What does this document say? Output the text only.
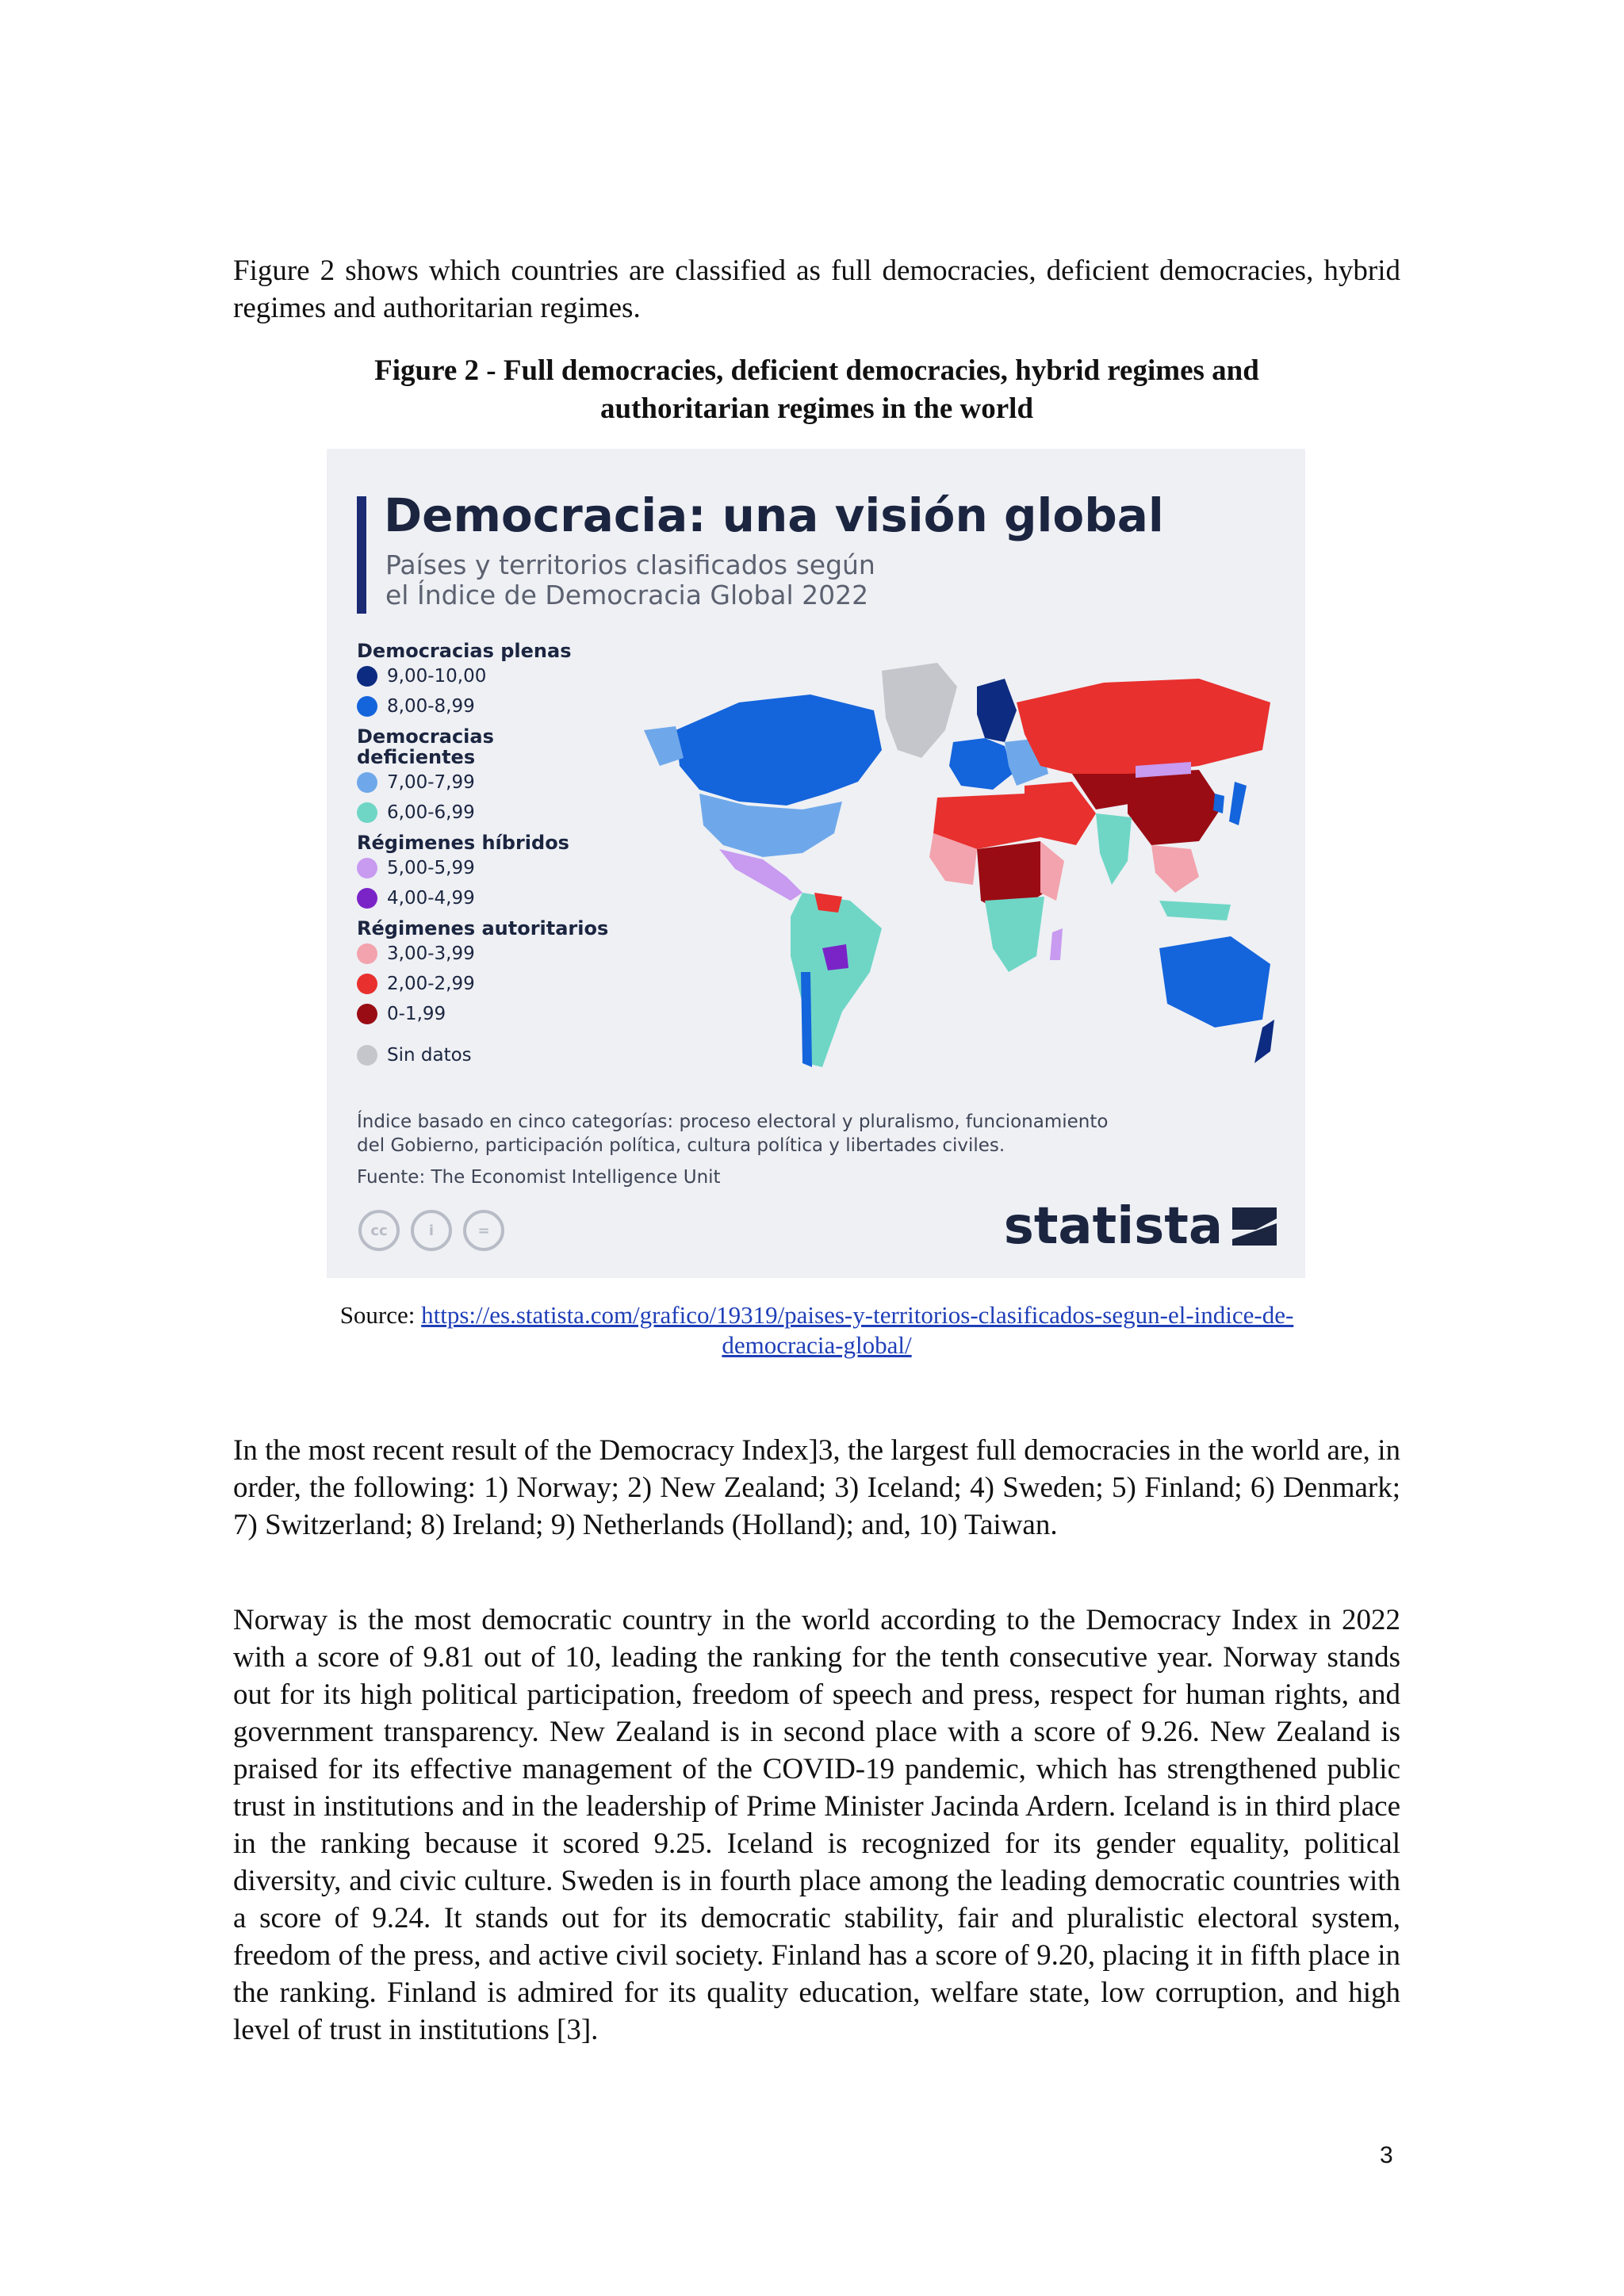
Figure 2 shows which countries are classified as full democracies, deficient democracies, hybrid regimes and authoritarian regimes.

Figure 2 - Full democracies, deficient democracies, hybrid regimes and
authoritarian regimes in the world

Democracia: una visión global
Países y territorios clasificados según
el Índice de Democracia Global 2022
Democracias plenas
9,00-10,00
8,00-8,99
Democracias
deficientes
7,00-7,99
6,00-6,99
Régimenes híbridos
5,00-5,99
4,00-4,99
Régimenes autoritarios
3,00-3,99
2,00-2,99
0-1,99
Sin datos
Índice basado en cinco categorías: proceso electoral y pluralismo, funcionamiento
del Gobierno, participación política, cultura política y libertades civiles.
Fuente: The Economist Intelligence Unit
cc	i	=	statista

Source: https://es.statista.com/grafico/19319/paises-y-territorios-clasificados-segun-el-indice-de-
democracia-global/

In the most recent result of the Democracy Index]3, the largest full democracies in the world are, in order, the following: 1) Norway; 2) New Zealand; 3) Iceland; 4) Sweden; 5) Finland; 6) Denmark; 7) Switzerland; 8) Ireland; 9) Netherlands (Holland); and, 10) Taiwan.

Norway is the most democratic country in the world according to the Democracy Index in 2022 with a score of 9.81 out of 10, leading the ranking for the tenth consecutive year. Norway stands out for its high political participation, freedom of speech and press, respect for human rights, and government transparency. New Zealand is in second place with a score of 9.26. New Zealand is praised for its effective management of the COVID-19 pandemic, which has strengthened public trust in institutions and in the leadership of Prime Minister Jacinda Ardern. Iceland is in third place in the ranking because it scored 9.25. Iceland is recognized for its gender equality, political diversity, and civic culture. Sweden is in fourth place among the leading democratic countries with a score of 9.24. It stands out for its democratic stability, fair and pluralistic electoral system, freedom of the press, and active civil society. Finland has a score of 9.20, placing it in fifth place in the ranking. Finland is admired for its quality education, welfare state, low corruption, and high level of trust in institutions [3].

3
